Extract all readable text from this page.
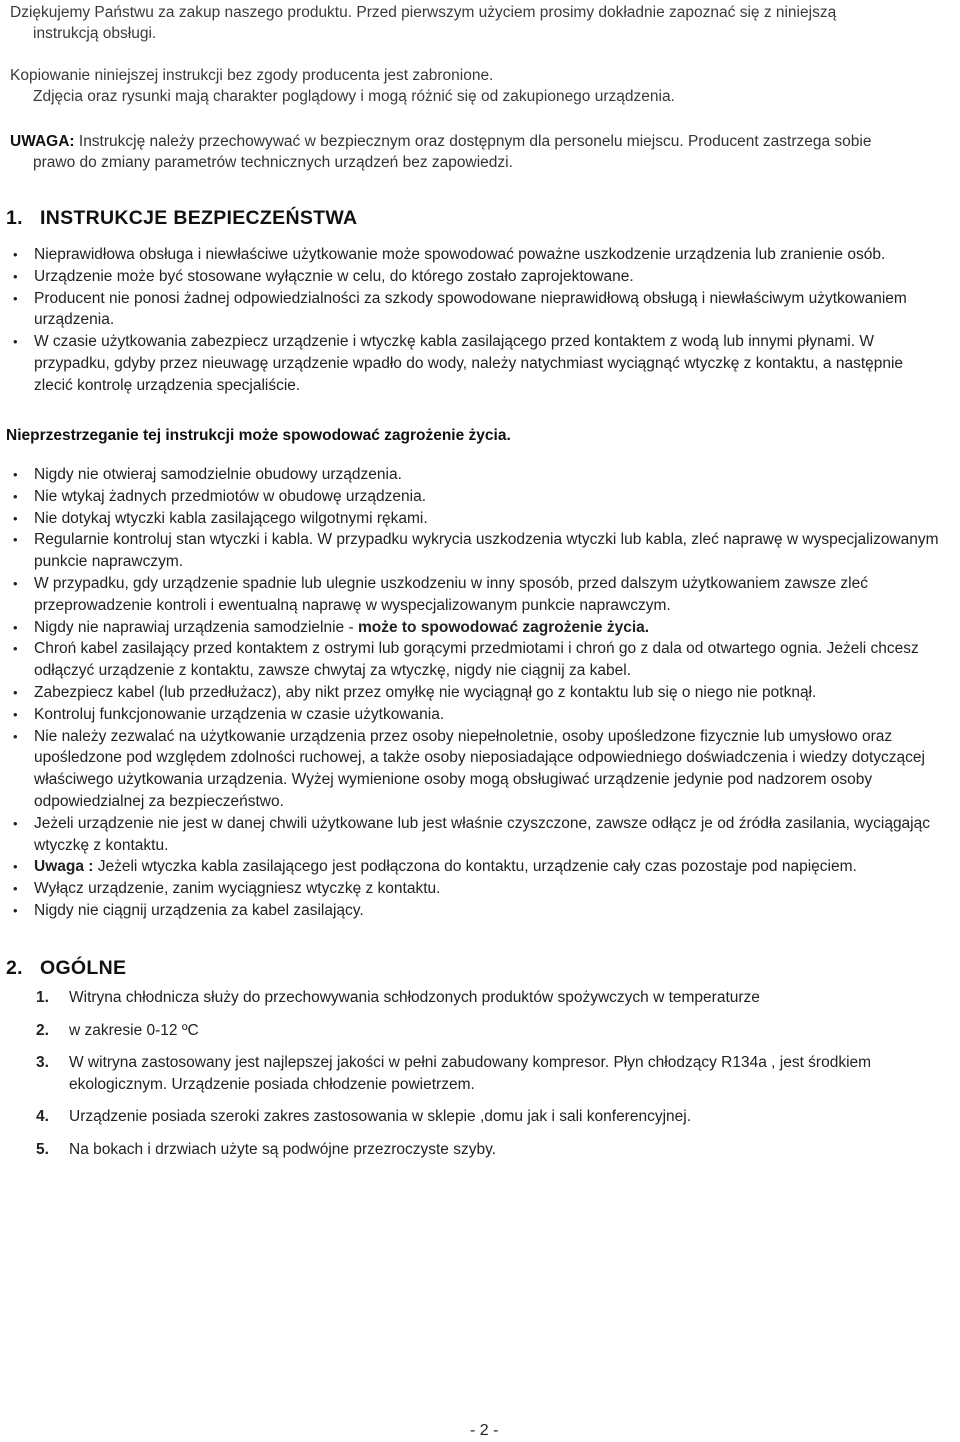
Dziękujemy Państwu za zakup naszego produktu. Przed pierwszym użyciem prosimy dokładnie zapoznać się z niniejszą

instrukcją obsługi.

Kopiowanie niniejszej instrukcji bez zgody producenta jest zabronione.

Zdjęcia oraz rysunki mają charakter poglądowy i mogą różnić się od zakupionego urządzenia.

UWAGA: Instrukcję należy przechowywać w bezpiecznym oraz dostępnym dla personelu miejscu. Producent zastrzega sobie

prawo do zmiany parametrów technicznych urządzeń bez zapowiedzi.

1. INSTRUKCJE BEZPIECZEŃSTWA
• Nieprawidłowa obsługa i niewłaściwe użytkowanie może spowodować poważne uszkodzenie urządzenia lub zranienie osób.
• Urządzenie może być stosowane wyłącznie w celu, do którego zostało zaprojektowane.
• Producent nie ponosi żadnej odpowiedzialności za szkody spowodowane nieprawidłową obsługą i niewłaściwym użytkowaniem urządzenia.
• W czasie użytkowania zabezpiecz urządzenie i wtyczkę kabla zasilającego przed kontaktem z wodą lub innymi płynami. W przypadku, gdyby przez nieuwagę urządzenie wpadło do wody, należy natychmiast wyciągnąć wtyczkę z kontaktu, a następnie zlecić kontrolę urządzenia specjaliście.
Nieprzestrzeganie tej instrukcji może spowodować zagrożenie życia.
• Nigdy nie otwieraj samodzielnie obudowy urządzenia.
• Nie wtykaj żadnych przedmiotów w obudowę urządzenia.
• Nie dotykaj wtyczki kabla zasilającego wilgotnymi rękami.
• Regularnie kontroluj stan wtyczki i kabla. W przypadku wykrycia uszkodzenia wtyczki lub kabla, zleć naprawę w wyspecjalizowanym punkcie naprawczym.
• W przypadku, gdy urządzenie spadnie lub ulegnie uszkodzeniu w inny sposób, przed dalszym użytkowaniem zawsze zleć przeprowadzenie kontroli i ewentualną naprawę w wyspecjalizowanym punkcie naprawczym.
• Nigdy nie naprawiaj urządzenia samodzielnie - może to spowodować zagrożenie życia.
• Chroń kabel zasilający przed kontaktem z ostrymi lub gorącymi przedmiotami i chroń go z dala od otwartego ognia. Jeżeli chcesz odłączyć urządzenie z kontaktu, zawsze chwytaj za wtyczkę, nigdy nie ciągnij za kabel.
• Zabezpiecz kabel (lub przedłużacz), aby nikt przez omyłkę nie wyciągnął go z kontaktu lub się o niego nie potknął.
• Kontroluj funkcjonowanie urządzenia w czasie użytkowania.
• Nie należy zezwalać na użytkowanie urządzenia przez osoby niepełnoletnie, osoby upośledzone fizycznie lub umysłowo oraz upośledzone pod względem zdolności ruchowej, a także osoby nieposiadające odpowiedniego doświadczenia i wiedzy dotyczącej właściwego użytkowania urządzenia. Wyżej wymienione osoby mogą obsługiwać urządzenie jedynie pod nadzorem osoby odpowiedzialnej za bezpieczeństwo.
• Jeżeli urządzenie nie jest w danej chwili użytkowane lub jest właśnie czyszczone, zawsze odłącz je od źródła zasilania, wyciągając wtyczkę z kontaktu.
• Uwaga : Jeżeli wtyczka kabla zasilającego jest podłączona do kontaktu, urządzenie cały czas pozostaje pod napięciem.
• Wyłącz urządzenie, zanim wyciągniesz wtyczkę z kontaktu.
• Nigdy nie ciągnij urządzenia za kabel zasilający.
2. OGÓLNE
1. Witryna chłodnicza służy do przechowywania schłodzonych produktów spożywczych w temperaturze
2. w zakresie 0-12 ºC
3. W witryna zastosowany jest najlepszej jakości w pełni zabudowany kompresor. Płyn chłodzący R134a , jest środkiem ekologicznym. Urządzenie posiada chłodzenie powietrzem.
4. Urządzenie posiada szeroki zakres zastosowania w sklepie ,domu jak i sali konferencyjnej.
5. Na bokach i drzwiach użyte są podwójne przezroczyste szyby.
- 2 -
